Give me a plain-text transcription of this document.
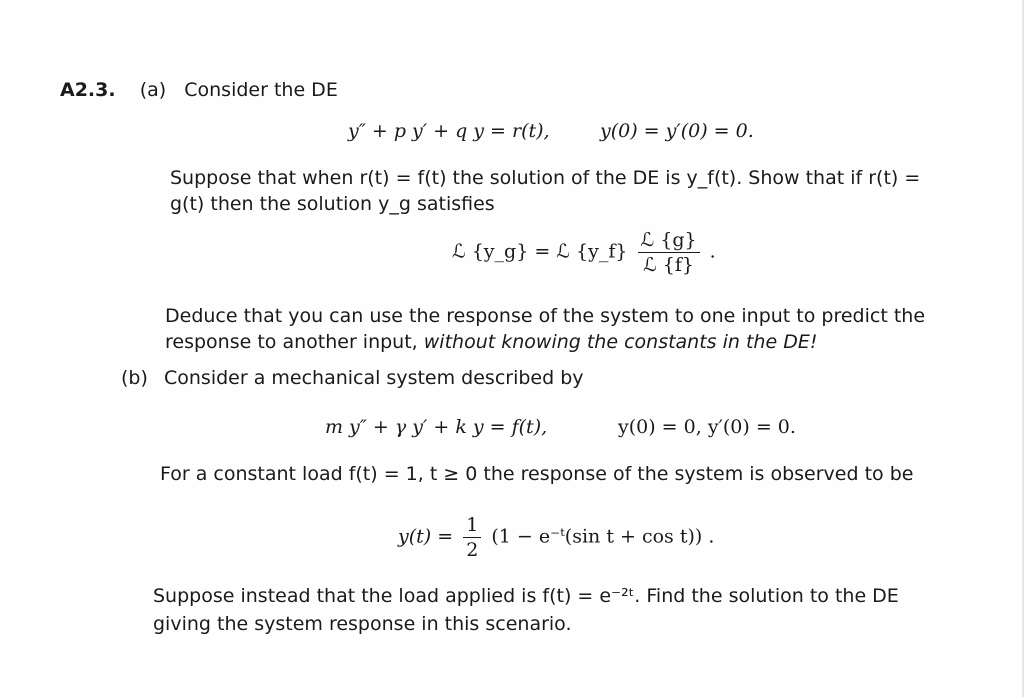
A2.3. (a) Consider the DE
y″ + p y′ + q y = r(t),	y(0) = y′(0) = 0.
Suppose that when r(t) = f(t) the solution of the DE is y_f(t). Show that if r(t) =
g(t) then the solution y_g satisfies
ℒ {y_g} = ℒ {y_f} $\frac{\text{ℒ \{g\}}}{\text{ℒ \{f\}}}$ .
Deduce that you can use the response of the system to one input to predict the
response to another input, without knowing the constants in the DE!
(b) Consider a mechanical system described by
m y″ + γ y′ + k y = f(t),	y(0) = 0, y′(0) = 0.
For a constant load f(t) = 1, t ≥ 0 the response of the system is observed to be
$y(t) = \frac{1}{2} (1$ − e⁻ᵗ(sin t + cos t)) .
Suppose instead that the load applied is f(t) = e⁻²ᵗ. Find the solution to the DE
giving the system response in this scenario.
